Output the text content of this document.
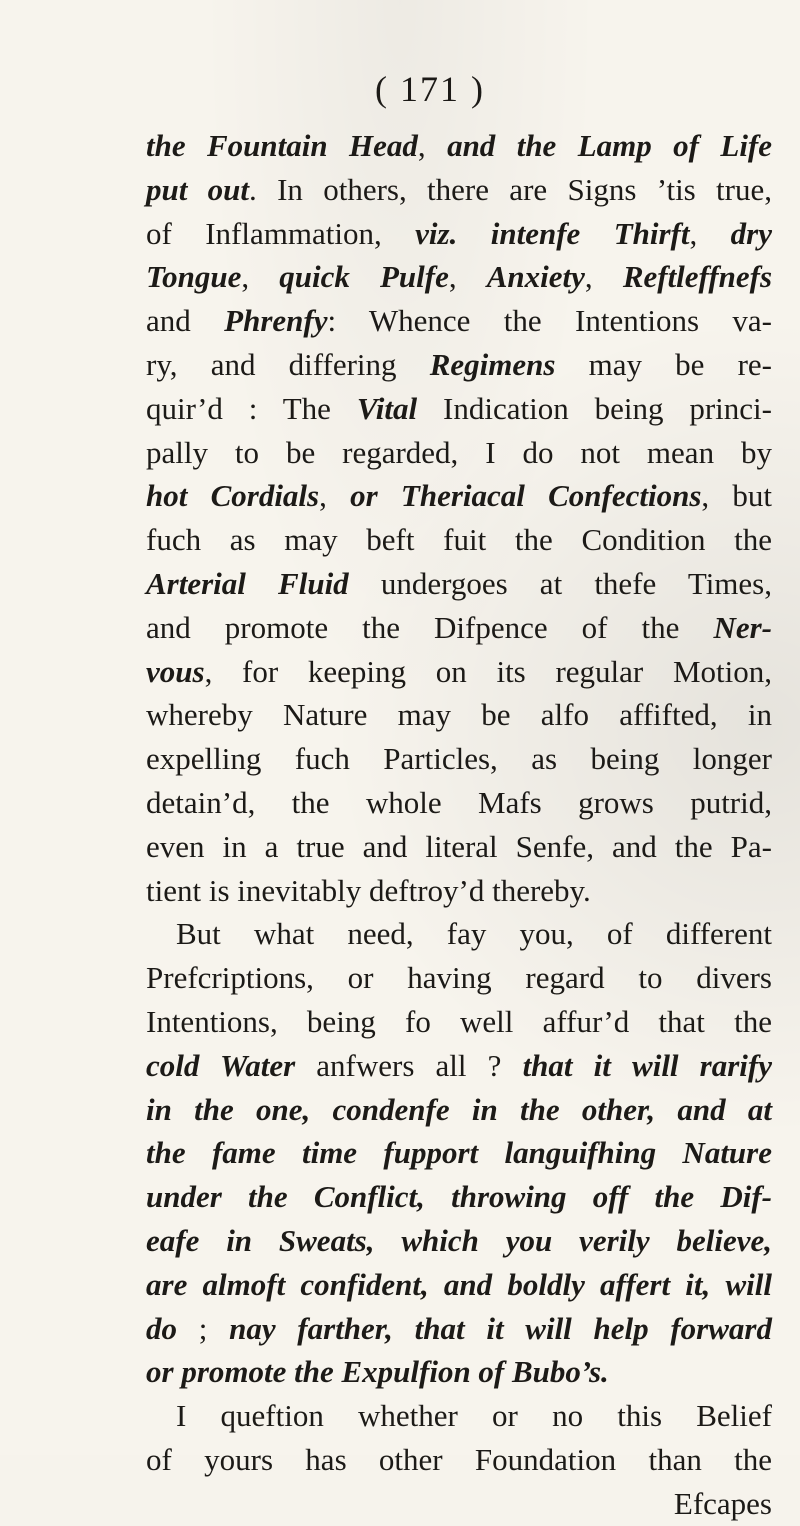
( 171 )
the Fountain Head, and the Lamp of Life
put out. In others, there are Signs ’tis true,
of Inflammation, viz. intenfe Thirft, dry
Tongue, quick Pulfe, Anxiety, Reftleffnefs
and Phrenfy: Whence the Intentions va-
ry, and differing Regimens may be re-
quir’d : The Vital Indication being princi-
pally to be regarded, I do not mean by
hot Cordials, or Theriacal Confections, but
fuch as may beft fuit the Condition the
Arterial Fluid undergoes at thefe Times,
and promote the Difpence of the Ner-
vous, for keeping on its regular Motion,
whereby Nature may be alfo affifted, in
expelling fuch Particles, as being longer
detain’d, the whole Mafs grows putrid,
even in a true and literal Senfe, and the Pa-
tient is inevitably deftroy’d thereby.
But what need, fay you, of different
Prefcriptions, or having regard to divers
Intentions, being fo well affur’d that the
cold Water anfwers all ? that it will rarify
in the one, condenfe in the other, and at
the fame time fupport languifhing Nature
under the Conflict, throwing off the Dif-
eafe in Sweats, which you verily believe,
are almoft confident, and boldly affert it, will
do ; nay farther, that it will help forward
or promote the Expulfion of Bubo’s.
I queftion whether or no this Belief
of yours has other Foundation than the
Efcapes
